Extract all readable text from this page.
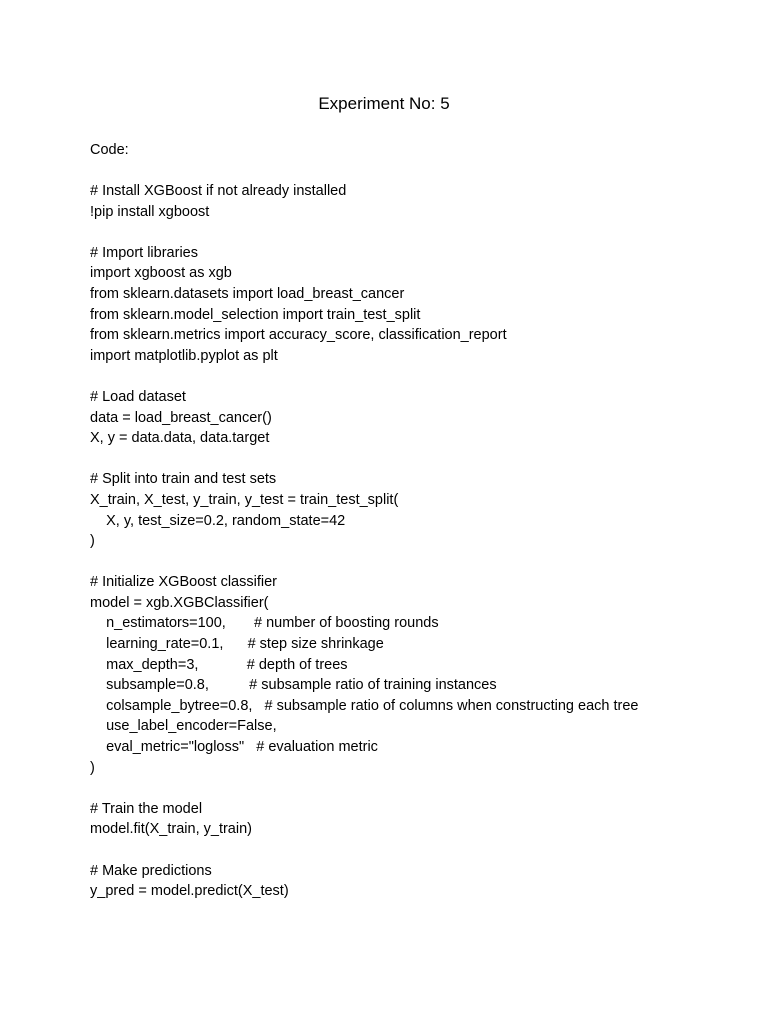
Experiment No: 5
Code:
# Install XGBoost if not already installed
!pip install xgboost
# Import libraries
import xgboost as xgb
from sklearn.datasets import load_breast_cancer
from sklearn.model_selection import train_test_split
from sklearn.metrics import accuracy_score, classification_report
import matplotlib.pyplot as plt
# Load dataset
data = load_breast_cancer()
X, y = data.data, data.target
# Split into train and test sets
X_train, X_test, y_train, y_test = train_test_split(
X, y, test_size=0.2, random_state=42
)
# Initialize XGBoost classifier
model = xgb.XGBClassifier(
n_estimators=100,       # number of boosting rounds
learning_rate=0.1,      # step size shrinkage
max_depth=3,            # depth of trees
subsample=0.8,          # subsample ratio of training instances
colsample_bytree=0.8,   # subsample ratio of columns when constructing each tree
use_label_encoder=False,
eval_metric="logloss"   # evaluation metric
)
# Train the model
model.fit(X_train, y_train)
# Make predictions
y_pred = model.predict(X_test)
